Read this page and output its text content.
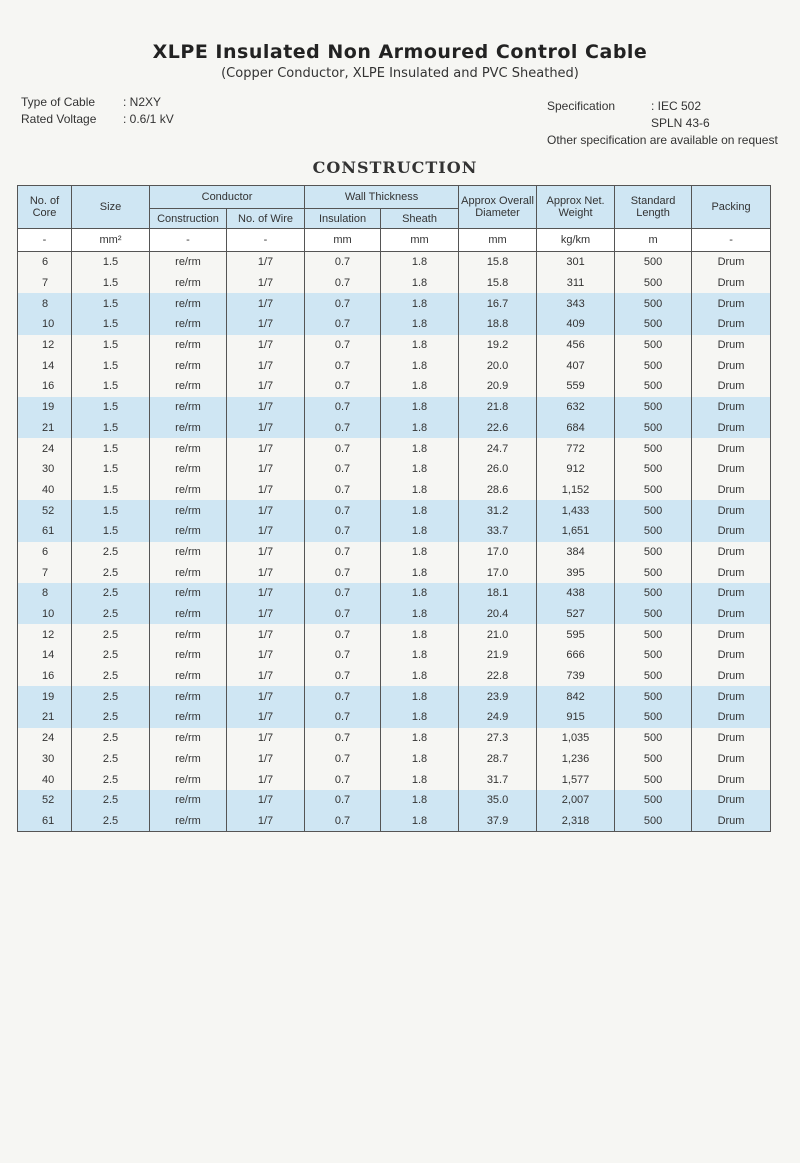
XLPE Insulated Non Armoured Control Cable
(Copper Conductor, XLPE Insulated and PVC Sheathed)
Type of Cable	: N2XY
Rated Voltage	: 0.6/1 kV
Specification	: IEC 502
SPLN 43-6
Other specification are available on request
CONSTRUCTION
No. of Core	Size	Conductor		Wall Thickness		Approx Overall Diameter	Approx Net. Weight	Standard Length	Packing
		Construction	No. of Wire	Insulation	Sheath				
-	mm²	-	-	mm	mm	mm	kg/km	m	-
6	1.5	re/rm	1/7	0.7	1.8	15.8	301	500	Drum
7	1.5	re/rm	1/7	0.7	1.8	15.8	311	500	Drum
8	1.5	re/rm	1/7	0.7	1.8	16.7	343	500	Drum
10	1.5	re/rm	1/7	0.7	1.8	18.8	409	500	Drum
12	1.5	re/rm	1/7	0.7	1.8	19.2	456	500	Drum
14	1.5	re/rm	1/7	0.7	1.8	20.0	407	500	Drum
16	1.5	re/rm	1/7	0.7	1.8	20.9	559	500	Drum
19	1.5	re/rm	1/7	0.7	1.8	21.8	632	500	Drum
21	1.5	re/rm	1/7	0.7	1.8	22.6	684	500	Drum
24	1.5	re/rm	1/7	0.7	1.8	24.7	772	500	Drum
30	1.5	re/rm	1/7	0.7	1.8	26.0	912	500	Drum
40	1.5	re/rm	1/7	0.7	1.8	28.6	1,152	500	Drum
52	1.5	re/rm	1/7	0.7	1.8	31.2	1,433	500	Drum
61	1.5	re/rm	1/7	0.7	1.8	33.7	1,651	500	Drum
6	2.5	re/rm	1/7	0.7	1.8	17.0	384	500	Drum
7	2.5	re/rm	1/7	0.7	1.8	17.0	395	500	Drum
8	2.5	re/rm	1/7	0.7	1.8	18.1	438	500	Drum
10	2.5	re/rm	1/7	0.7	1.8	20.4	527	500	Drum
12	2.5	re/rm	1/7	0.7	1.8	21.0	595	500	Drum
14	2.5	re/rm	1/7	0.7	1.8	21.9	666	500	Drum
16	2.5	re/rm	1/7	0.7	1.8	22.8	739	500	Drum
19	2.5	re/rm	1/7	0.7	1.8	23.9	842	500	Drum
21	2.5	re/rm	1/7	0.7	1.8	24.9	915	500	Drum
24	2.5	re/rm	1/7	0.7	1.8	27.3	1,035	500	Drum
30	2.5	re/rm	1/7	0.7	1.8	28.7	1,236	500	Drum
40	2.5	re/rm	1/7	0.7	1.8	31.7	1,577	500	Drum
52	2.5	re/rm	1/7	0.7	1.8	35.0	2,007	500	Drum
61	2.5	re/rm	1/7	0.7	1.8	37.9	2,318	500	Drum
